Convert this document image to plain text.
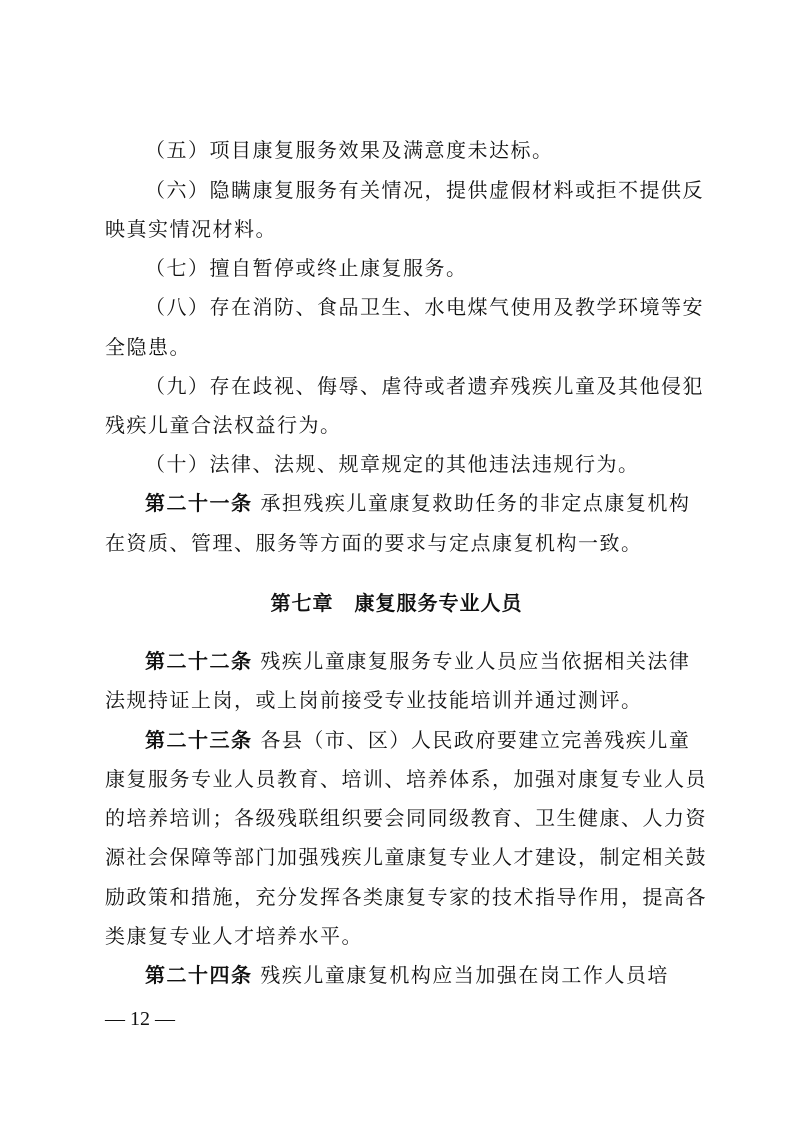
（五）项目康复服务效果及满意度未达标。
（六）隐瞒康复服务有关情况，提供虚假材料或拒不提供反
映真实情况材料。
（七）擅自暂停或终止康复服务。
（八）存在消防、食品卫生、水电煤气使用及教学环境等安
全隐患。
（九）存在歧视、侮辱、虐待或者遗弃残疾儿童及其他侵犯
残疾儿童合法权益行为。
（十）法律、法规、规章规定的其他违法违规行为。
第二十一条 承担残疾儿童康复救助任务的非定点康复机构
在资质、管理、服务等方面的要求与定点康复机构一致。
第七章　康复服务专业人员
第二十二条 残疾儿童康复服务专业人员应当依据相关法律
法规持证上岗，或上岗前接受专业技能培训并通过测评。
第二十三条 各县（市、区）人民政府要建立完善残疾儿童
康复服务专业人员教育、培训、培养体系，加强对康复专业人员
的培养培训；各级残联组织要会同同级教育、卫生健康、人力资
源社会保障等部门加强残疾儿童康复专业人才建设，制定相关鼓
励政策和措施，充分发挥各类康复专家的技术指导作用，提高各
类康复专业人才培养水平。
第二十四条 残疾儿童康复机构应当加强在岗工作人员培
— 12 —
